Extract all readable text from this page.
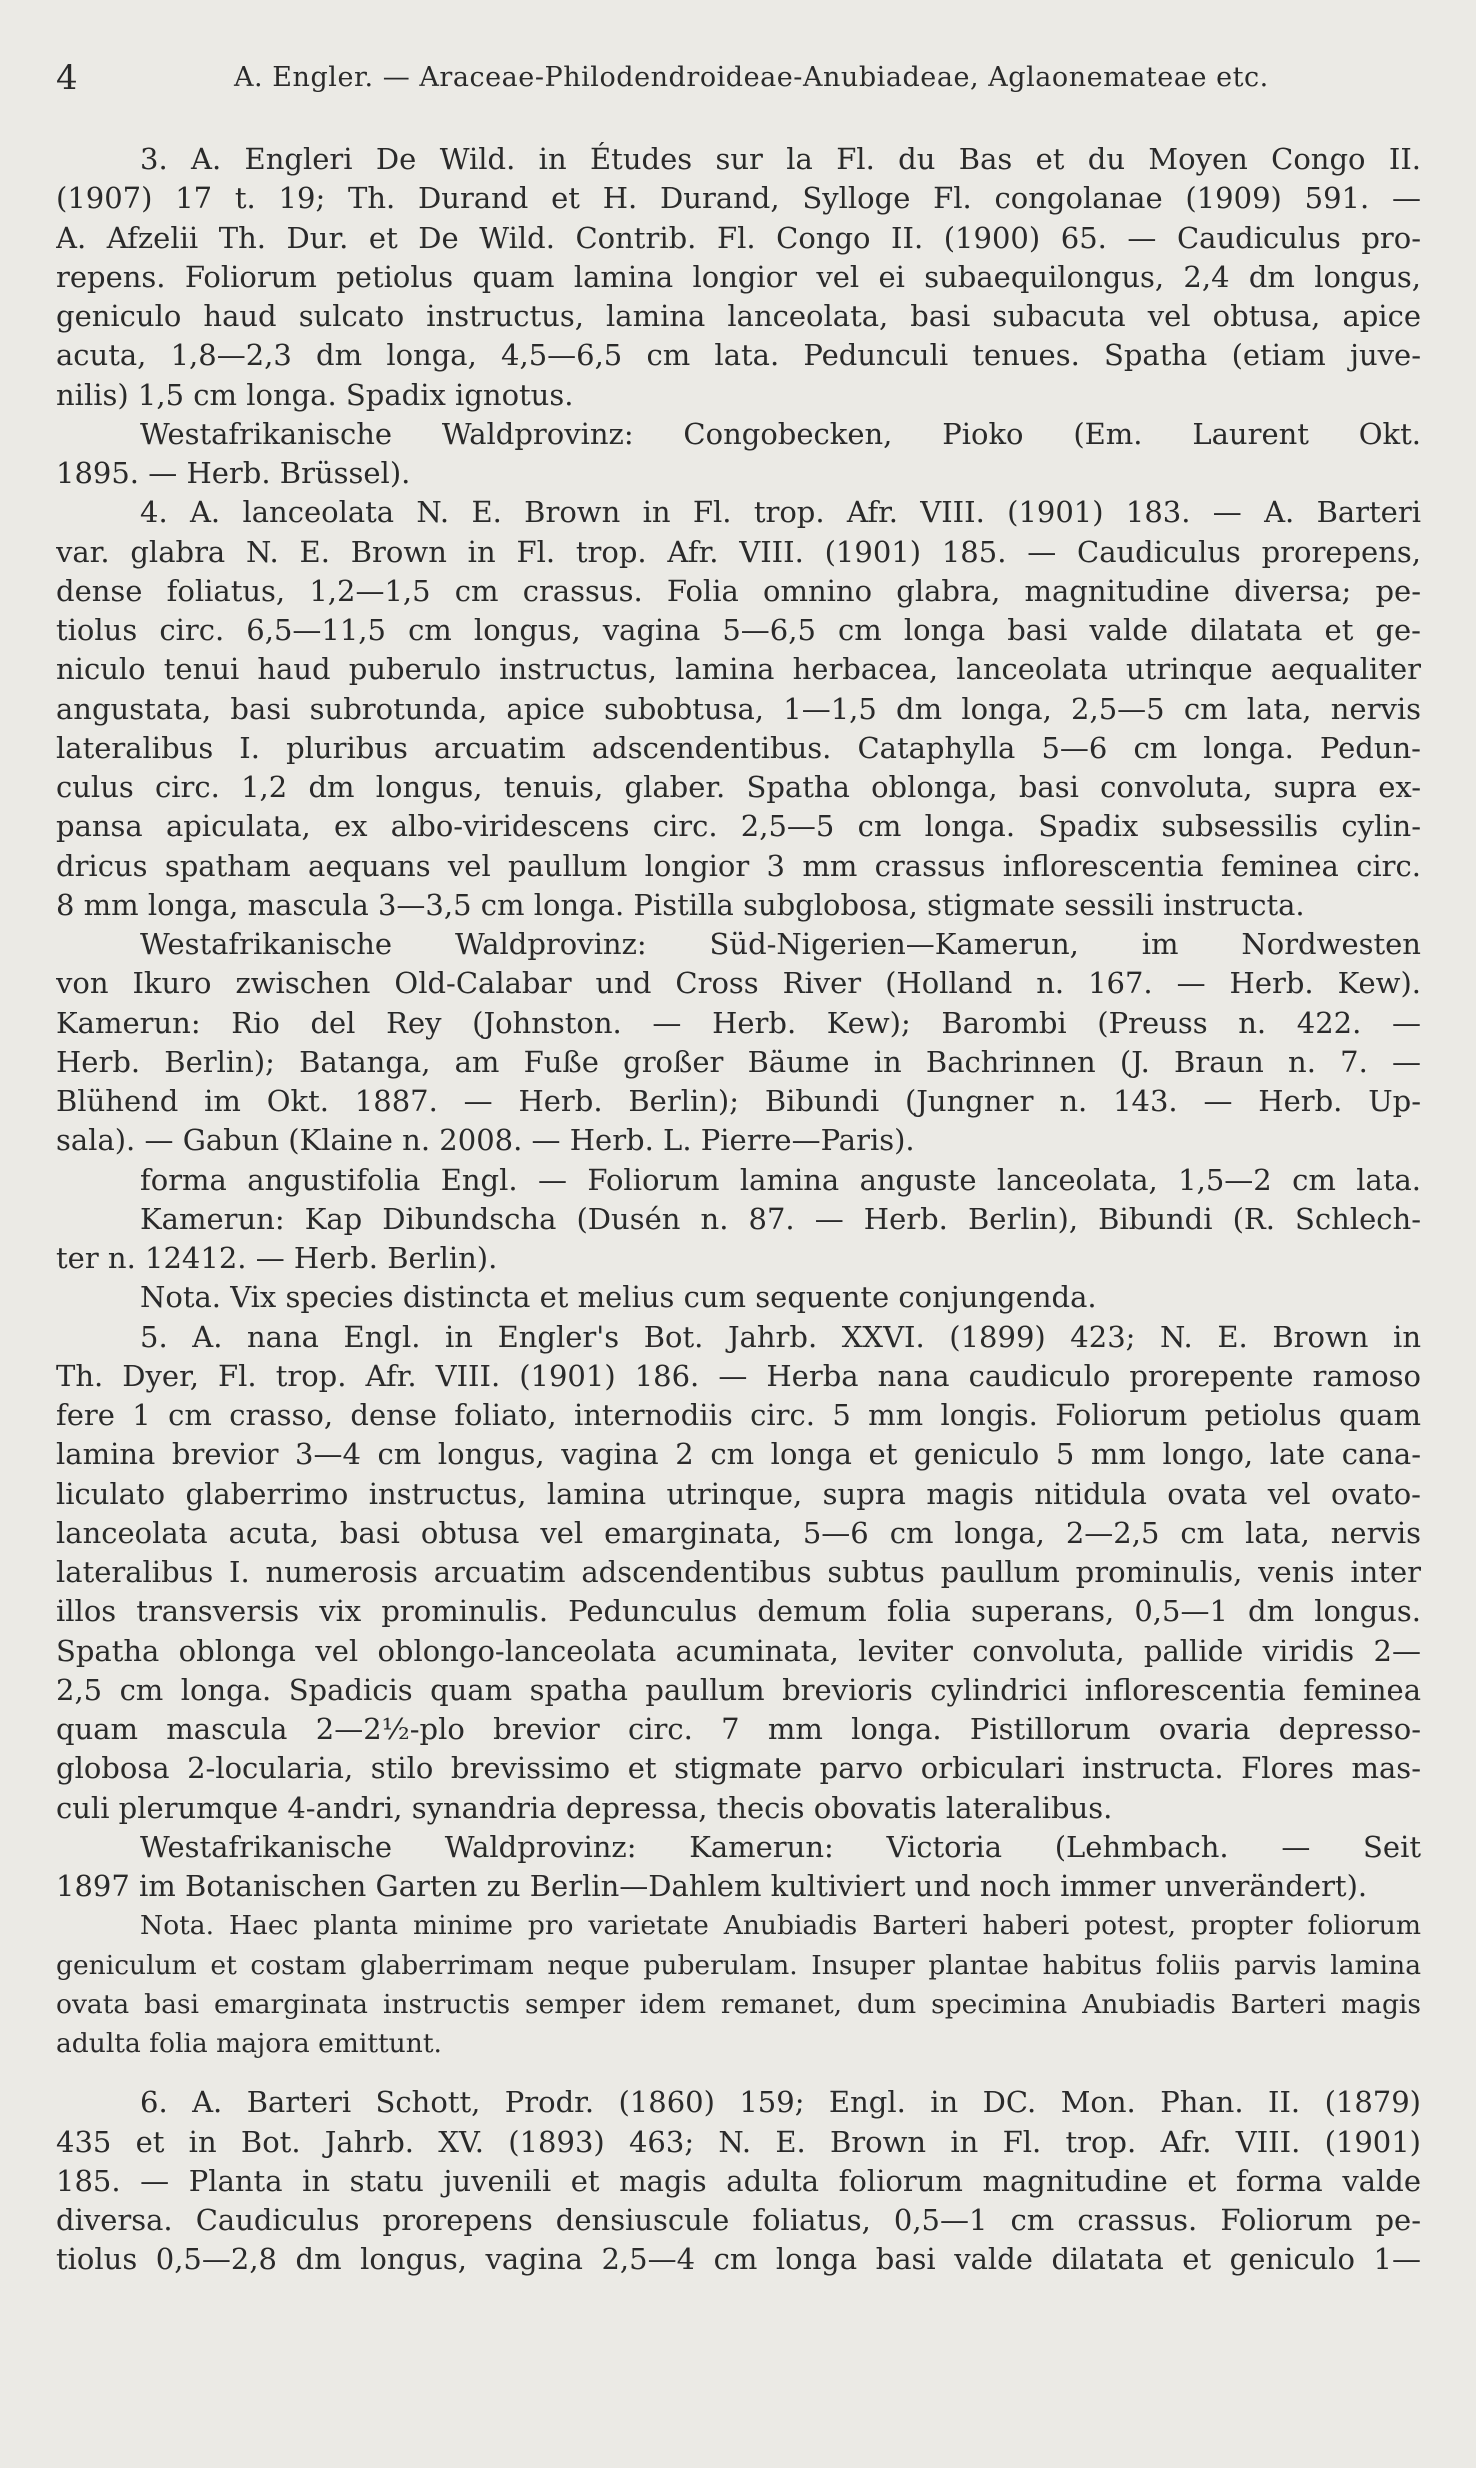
4	A. Engler. — Araceae-Philodendroideae-Anubiadeae, Aglaonemateae etc.
3. A. Engleri De Wild. in Études sur la Fl. du Bas et du Moyen Congo II.
(1907) 17 t. 19; Th. Durand et H. Durand, Sylloge Fl. congolanae (1909) 591. —
A. Afzelii Th. Dur. et De Wild. Contrib. Fl. Congo II. (1900) 65. — Caudiculus pro-
repens. Foliorum petiolus quam lamina longior vel ei subaequilongus, 2,4 dm longus,
geniculo haud sulcato instructus, lamina lanceolata, basi subacuta vel obtusa, apice
acuta, 1,8—2,3 dm longa, 4,5—6,5 cm lata. Pedunculi tenues. Spatha (etiam juve-
nilis) 1,5 cm longa. Spadix ignotus.
Westafrikanische Waldprovinz: Congobecken, Pioko (Em. Laurent Okt.
1895. — Herb. Brüssel).
4. A. lanceolata N. E. Brown in Fl. trop. Afr. VIII. (1901) 183. — A. Barteri
var. glabra N. E. Brown in Fl. trop. Afr. VIII. (1901) 185. — Caudiculus prorepens,
dense foliatus, 1,2—1,5 cm crassus. Folia omnino glabra, magnitudine diversa; pe-
tiolus circ. 6,5—11,5 cm longus, vagina 5—6,5 cm longa basi valde dilatata et ge-
niculo tenui haud puberulo instructus, lamina herbacea, lanceolata utrinque aequaliter
angustata, basi subrotunda, apice subobtusa, 1—1,5 dm longa, 2,5—5 cm lata, nervis
lateralibus I. pluribus arcuatim adscendentibus. Cataphylla 5—6 cm longa. Pedun-
culus circ. 1,2 dm longus, tenuis, glaber. Spatha oblonga, basi convoluta, supra ex-
pansa apiculata, ex albo-viridescens circ. 2,5—5 cm longa. Spadix subsessilis cylin-
dricus spatham aequans vel paullum longior 3 mm crassus inflorescentia feminea circ.
8 mm longa, mascula 3—3,5 cm longa. Pistilla subglobosa, stigmate sessili instructa.
Westafrikanische Waldprovinz: Süd-Nigerien—Kamerun, im Nordwesten
von Ikuro zwischen Old-Calabar und Cross River (Holland n. 167. — Herb. Kew).
Kamerun: Rio del Rey (Johnston. — Herb. Kew); Barombi (Preuss n. 422. —
Herb. Berlin); Batanga, am Fuße großer Bäume in Bachrinnen (J. Braun n. 7. —
Blühend im Okt. 1887. — Herb. Berlin); Bibundi (Jungner n. 143. — Herb. Up-
sala). — Gabun (Klaine n. 2008. — Herb. L. Pierre—Paris).
forma angustifolia Engl. — Foliorum lamina anguste lanceolata, 1,5—2 cm lata.
Kamerun: Kap Dibundscha (Dusén n. 87. — Herb. Berlin), Bibundi (R. Schlech-
ter n. 12412. — Herb. Berlin).
Nota. Vix species distincta et melius cum sequente conjungenda.
5. A. nana Engl. in Engler's Bot. Jahrb. XXVI. (1899) 423; N. E. Brown in
Th. Dyer, Fl. trop. Afr. VIII. (1901) 186. — Herba nana caudiculo prorepente ramoso
fere 1 cm crasso, dense foliato, internodiis circ. 5 mm longis. Foliorum petiolus quam
lamina brevior 3—4 cm longus, vagina 2 cm longa et geniculo 5 mm longo, late cana-
liculato glaberrimo instructus, lamina utrinque, supra magis nitidula ovata vel ovato-
lanceolata acuta, basi obtusa vel emarginata, 5—6 cm longa, 2—2,5 cm lata, nervis
lateralibus I. numerosis arcuatim adscendentibus subtus paullum prominulis, venis inter
illos transversis vix prominulis. Pedunculus demum folia superans, 0,5—1 dm longus.
Spatha oblonga vel oblongo-lanceolata acuminata, leviter convoluta, pallide viridis 2—
2,5 cm longa. Spadicis quam spatha paullum brevioris cylindrici inflorescentia feminea
quam mascula 2—2½-plo brevior circ. 7 mm longa. Pistillorum ovaria depresso-
globosa 2-locularia, stilo brevissimo et stigmate parvo orbiculari instructa. Flores mas-
culi plerumque 4-andri, synandria depressa, thecis obovatis lateralibus.
Westafrikanische Waldprovinz: Kamerun: Victoria (Lehmbach. — Seit
1897 im Botanischen Garten zu Berlin—Dahlem kultiviert und noch immer unverändert).
Nota. Haec planta minime pro varietate Anubiadis Barteri haberi potest, propter foliorum
geniculum et costam glaberrimam neque puberulam. Insuper plantae habitus foliis parvis lamina
ovata basi emarginata instructis semper idem remanet, dum specimina Anubiadis Barteri magis
adulta folia majora emittunt.
6. A. Barteri Schott, Prodr. (1860) 159; Engl. in DC. Mon. Phan. II. (1879)
435 et in Bot. Jahrb. XV. (1893) 463; N. E. Brown in Fl. trop. Afr. VIII. (1901)
185. — Planta in statu juvenili et magis adulta foliorum magnitudine et forma valde
diversa. Caudiculus prorepens densiuscule foliatus, 0,5—1 cm crassus. Foliorum pe-
tiolus 0,5—2,8 dm longus, vagina 2,5—4 cm longa basi valde dilatata et geniculo 1—
